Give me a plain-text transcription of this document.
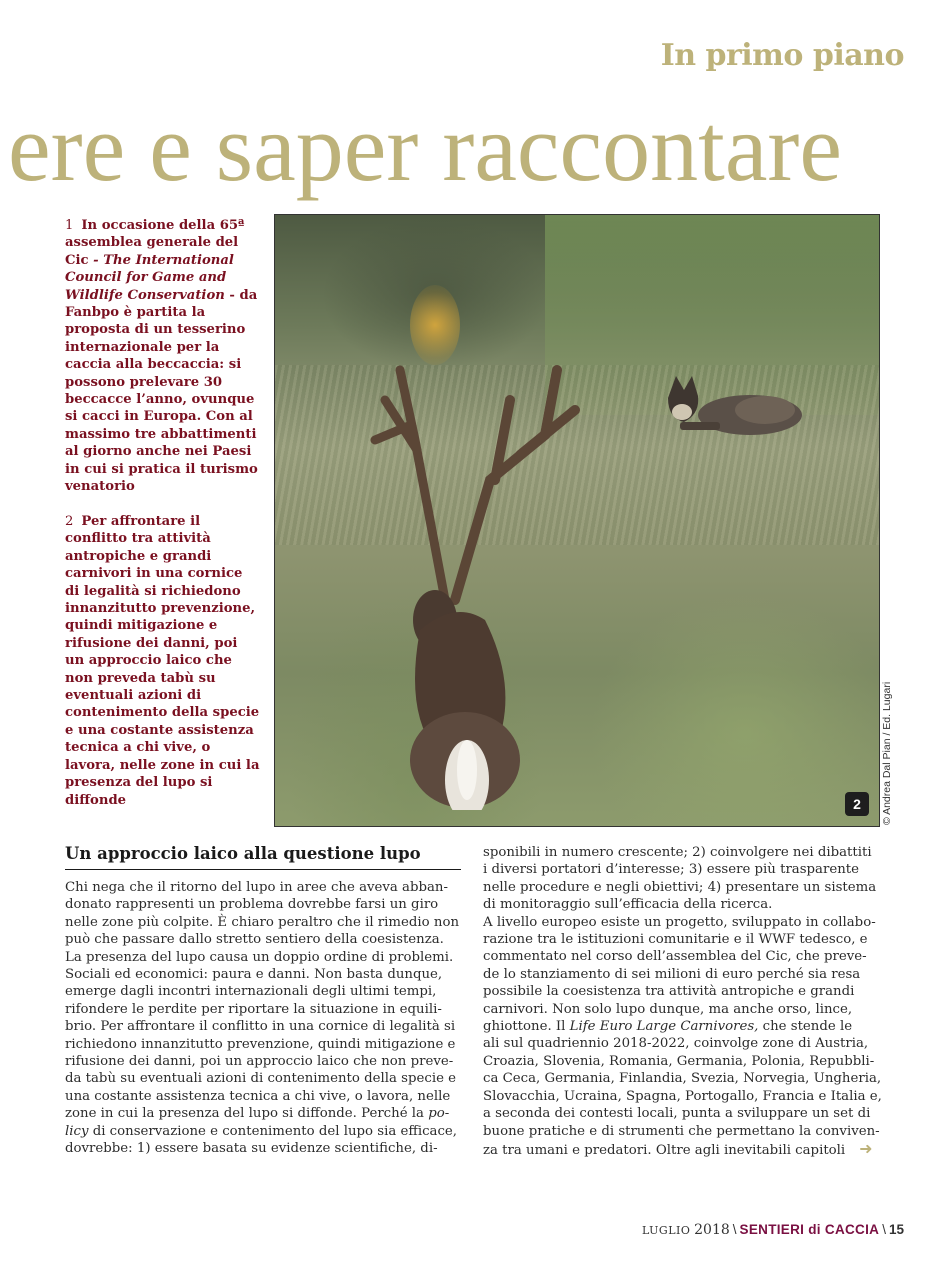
In primo piano
ere e saper raccontare
1 In occasione della 65ª assemblea generale del Cic - The International Council for Game and Wildlife Conservation - da Fanbpo è partita la proposta di un tesserino internazionale per la caccia alla beccaccia: si possono prelevare 30 beccacce l’anno, ovunque si cacci in Europa. Con al massimo tre abbattimenti al giorno anche nei Paesi in cui si pratica il turismo venatorio
2 Per affrontare il conflitto tra attività antropiche e grandi carnivori in una cornice di legalità si richiedono innanzitutto prevenzione, quindi mitigazione e rifusione dei danni, poi un approccio laico che non preveda tabù su eventuali azioni di contenimento della specie e una costante assistenza tecnica a chi vive, o lavora, nelle zone in cui la presenza del lupo si diffonde	2	© Andrea Dal Pian / Ed. Lugari
Un approccio laico alla questione lupo

Chi nega che il ritorno del lupo in aree che aveva abban-

donato rappresenti un problema dovrebbe farsi un giro

nelle zone più colpite. È chiaro peraltro che il rimedio non

può che passare dallo stretto sentiero della coesistenza.

La presenza del lupo causa un doppio ordine di problemi.

Sociali ed economici: paura e danni. Non basta dunque,

emerge dagli incontri internazionali degli ultimi tempi,

rifondere le perdite per riportare la situazione in equili-

brio. Per affrontare il conflitto in una cornice di legalità si

richiedono innanzitutto prevenzione, quindi mitigazione e

rifusione dei danni, poi un approccio laico che non preve-

da tabù su eventuali azioni di contenimento della specie e

una costante assistenza tecnica a chi vive, o lavora, nelle

zone in cui la presenza del lupo si diffonde. Perché la po-

licy di conservazione e contenimento del lupo sia efficace,

dovrebbe: 1) essere basata su evidenze scientifiche, di-

sponibili in numero crescente; 2) coinvolgere nei dibattiti

i diversi portatori d’interesse; 3) essere più trasparente

nelle procedure e negli obiettivi; 4) presentare un sistema

di monitoraggio sull’efficacia della ricerca.

A livello europeo esiste un progetto, sviluppato in collabo-

razione tra le istituzioni comunitarie e il WWF tedesco, e

commentato nel corso dell’assemblea del Cic, che preve-

de lo stanziamento di sei milioni di euro perché sia resa

possibile la coesistenza tra attività antropiche e grandi

carnivori. Non solo lupo dunque, ma anche orso, lince,

ghiottone. Il Life Euro Large Carnivores, che stende le

ali sul quadriennio 2018-2022, coinvolge zone di Austria,

Croazia, Slovenia, Romania, Germania, Polonia, Repubbli-

ca Ceca, Germania, Finlandia, Svezia, Norvegia, Ungheria,

Slovacchia, Ucraina, Spagna, Portogallo, Francia e Italia e,

a seconda dei contesti locali, punta a sviluppare un set di

buone pratiche e di strumenti che permettano la conviven-

za tra umani e predatori. Oltre agli inevitabili capitoli ➜

LUGLIO 2018 \ SENTIERI di CACCIA \ 15
